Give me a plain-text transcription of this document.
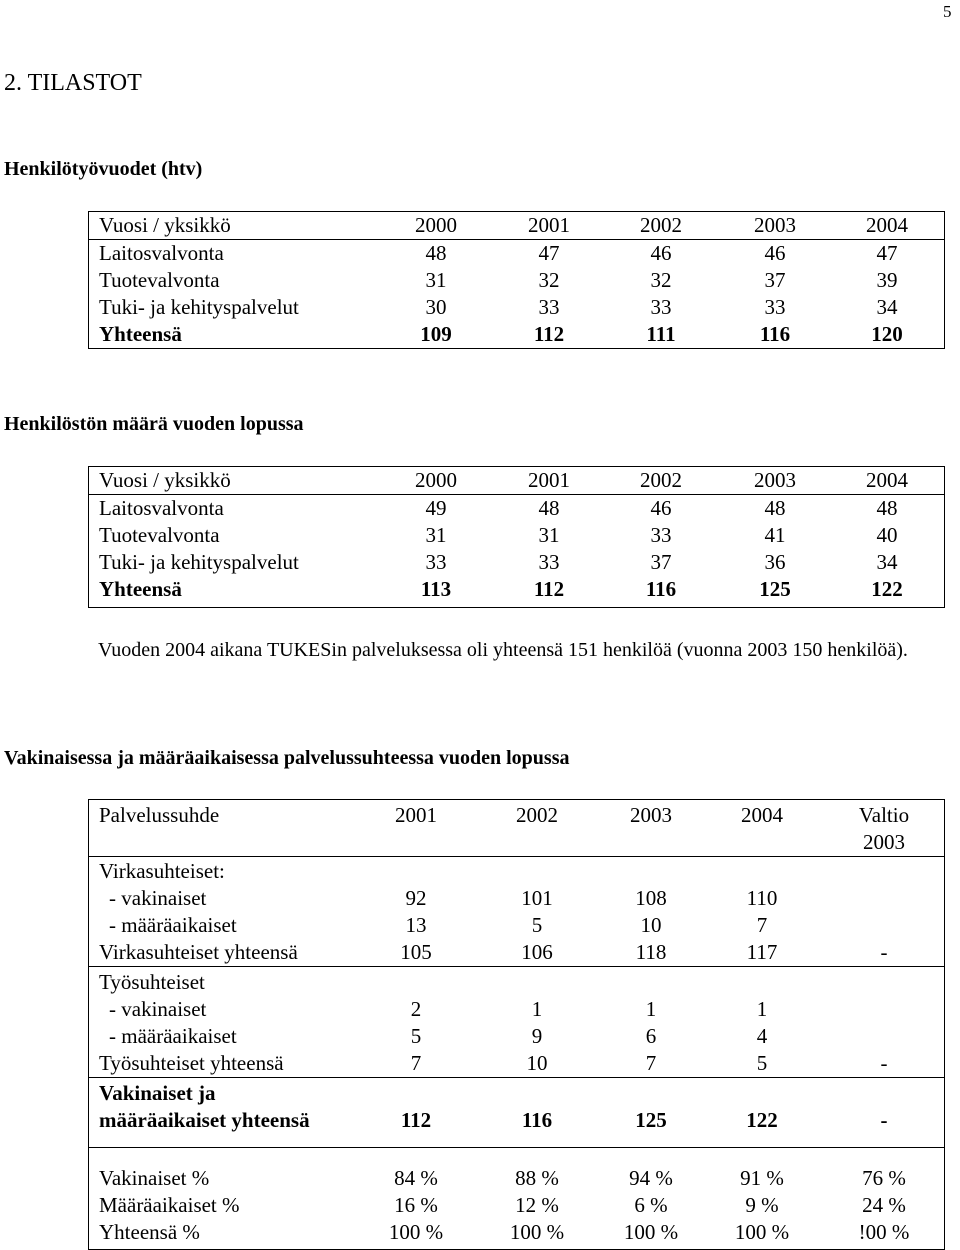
5
2. TILASTOT
Henkilötyövuodet (htv)
Vuosi / yksikkö	2000	2001	2002	2003	2004
Laitosvalvonta	48	47	46	46	47
Tuotevalvonta	31	32	32	37	39
Tuki- ja kehityspalvelut	30	33	33	33	34
Yhteensä	109	112	111	116	120
Henkilöstön määrä vuoden lopussa
Vuosi / yksikkö	2000	2001	2002	2003	2004
Laitosvalvonta	49	48	46	48	48
Tuotevalvonta	31	31	33	41	40
Tuki- ja kehityspalvelut	33	33	37	36	34
Yhteensä	113	112	116	125	122
Vuoden 2004 aikana TUKESin palveluksessa oli yhteensä 151 henkilöä (vuonna 2003 150 henkilöä).
Vakinaisessa ja määräaikaisessa palvelussuhteessa vuoden lopussa
Palvelussuhde	2001	2002	2003	2004	Valtio
2003
Virkasuhteiset:
- vakinaiset	92	101	108	110
- määräaikaiset	13	5	10	7
Virkasuhteiset yhteensä	105	106	118	117	-
Työsuhteiset
- vakinaiset	2	1	1	1
- määräaikaiset	5	9	6	4
Työsuhteiset yhteensä	7	10	7	5	-
Vakinaiset ja
määräaikaiset yhteensä	112	116	125	122	-
Vakinaiset %	84 %	88 %	94 %	91 %	76 %
Määräaikaiset %	16 %	12 %	6 %	9 %	24 %
Yhteensä %	100 %	100 %	100 %	100 %	!00 %
